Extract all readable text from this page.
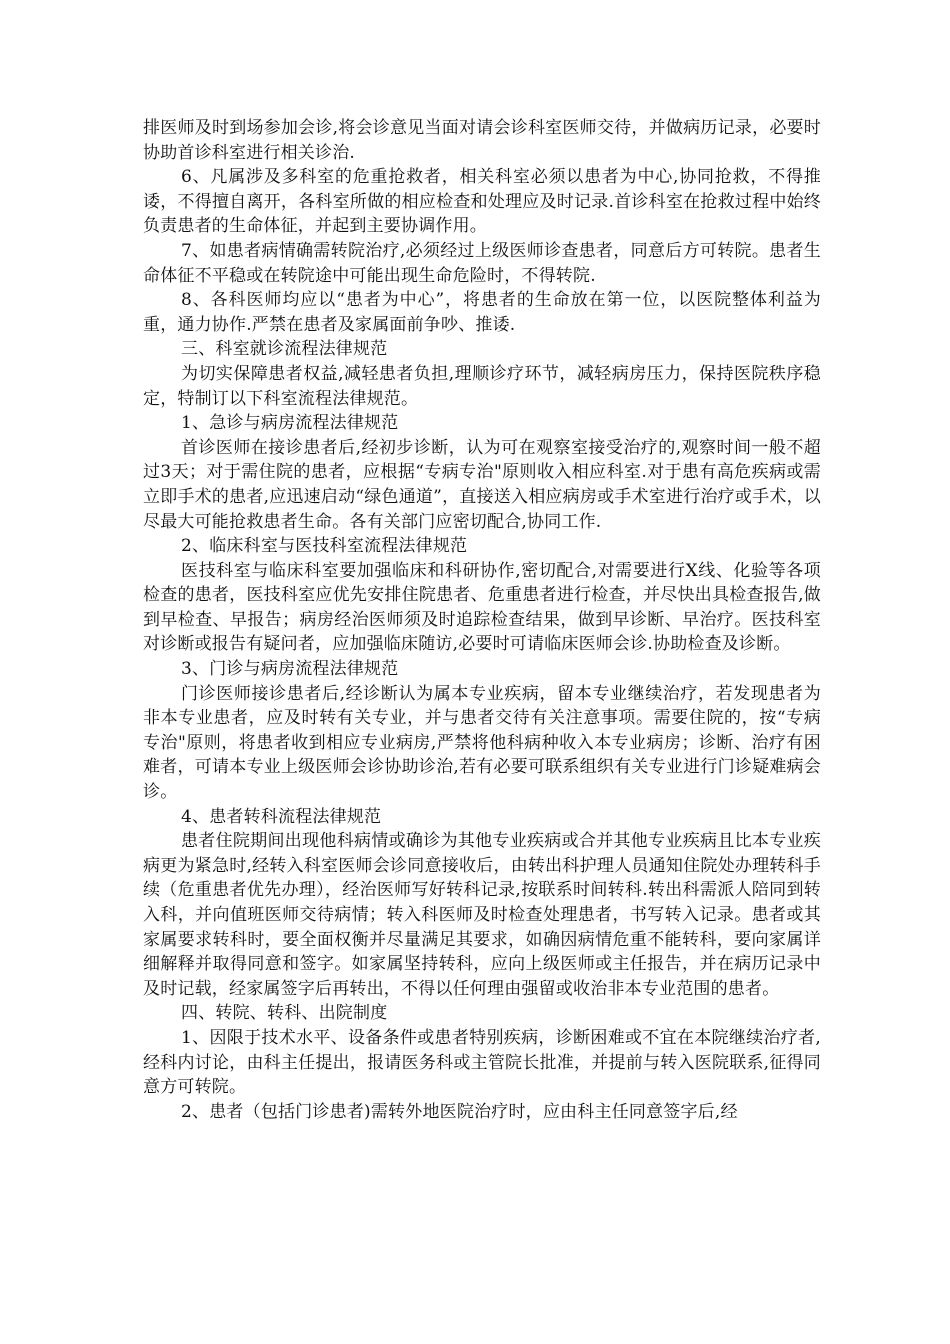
排医师及时到场参加会诊,将会诊意见当面对请会诊科室医师交待，并做病历记录，必要时协助首诊科室进行相关诊治.

6、凡属涉及多科室的危重抢救者，相关科室必须以患者为中心,协同抢救，不得推诿，不得擅自离开，各科室所做的相应检查和处理应及时记录.首诊科室在抢救过程中始终负责患者的生命体征，并起到主要协调作用。

7、如患者病情确需转院治疗,必须经过上级医师诊查患者，同意后方可转院。患者生命体征不平稳或在转院途中可能出现生命危险时，不得转院.

8、各科医师均应以“患者为中心”，将患者的生命放在第一位，以医院整体利益为重，通力协作.严禁在患者及家属面前争吵、推诿.

三、科室就诊流程法律规范

为切实保障患者权益,减轻患者负担,理顺诊疗环节，减轻病房压力，保持医院秩序稳定，特制订以下科室流程法律规范。

1、急诊与病房流程法律规范

首诊医师在接诊患者后,经初步诊断，认为可在观察室接受治疗的,观察时间一般不超过3天；对于需住院的患者，应根据“专病专治"原则收入相应科室.对于患有高危疾病或需立即手术的患者,应迅速启动“绿色通道”，直接送入相应病房或手术室进行治疗或手术，以尽最大可能抢救患者生命。各有关部门应密切配合,协同工作.

2、临床科室与医技科室流程法律规范

医技科室与临床科室要加强临床和科研协作,密切配合,对需要进行X线、化验等各项检查的患者，医技科室应优先安排住院患者、危重患者进行检查，并尽快出具检查报告,做到早检查、早报告；病房经治医师须及时追踪检查结果，做到早诊断、早治疗。医技科室对诊断或报告有疑问者，应加强临床随访,必要时可请临床医师会诊.协助检查及诊断。

3、门诊与病房流程法律规范

门诊医师接诊患者后,经诊断认为属本专业疾病，留本专业继续治疗，若发现患者为非本专业患者，应及时转有关专业，并与患者交待有关注意事项。需要住院的，按“专病专治"原则，将患者收到相应专业病房,严禁将他科病种收入本专业病房；诊断、治疗有困难者，可请本专业上级医师会诊协助诊治,若有必要可联系组织有关专业进行门诊疑难病会诊。

4、患者转科流程法律规范

患者住院期间出现他科病情或确诊为其他专业疾病或合并其他专业疾病且比本专业疾病更为紧急时,经转入科室医师会诊同意接收后，由转出科护理人员通知住院处办理转科手续（危重患者优先办理），经治医师写好转科记录,按联系时间转科.转出科需派人陪同到转入科，并向值班医师交待病情；转入科医师及时检查处理患者，书写转入记录。患者或其家属要求转科时，要全面权衡并尽量满足其要求，如确因病情危重不能转科，要向家属详细解释并取得同意和签字。如家属坚持转科，应向上级医师或主任报告，并在病历记录中及时记载，经家属签字后再转出，不得以任何理由强留或收治非本专业范围的患者。

四、转院、转科、出院制度

1、因限于技术水平、设备条件或患者特别疾病，诊断困难或不宜在本院继续治疗者,经科内讨论，由科主任提出，报请医务科或主管院长批准，并提前与转入医院联系,征得同意方可转院。

2、患者（包括门诊患者)需转外地医院治疗时，应由科主任同意签字后,经
